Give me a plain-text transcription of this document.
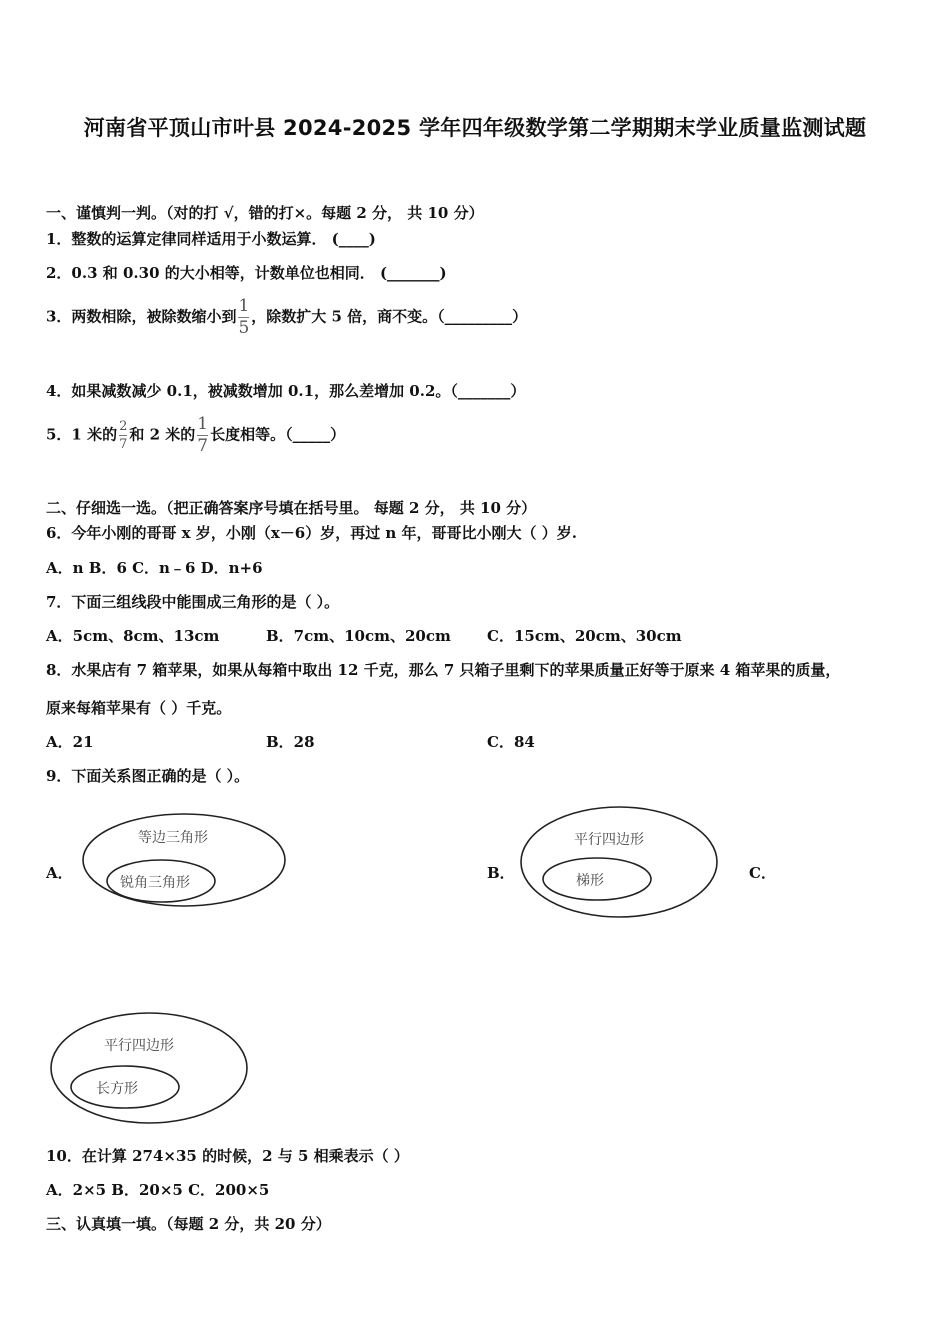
河南省平顶山市叶县 2024-2025 学年四年级数学第二学期期末学业质量监测试题
一、谨慎判一判。（对的打 √，错的打×。每题 2 分， 共 10 分）
1．整数的运算定律同样适用于小数运算． (____)
2．0.3 和 0.30 的大小相等，计数单位也相同． (_______)
3．两数相除，被除数缩小到 $\frac{1}{5}$ ，除数扩大 5 倍，商不变。（_________）
4．如果减数减少 0.1，被减数增加 0.1，那么差增加 0.2。（_______）
5．1 米的 $\frac{2}{7}$ 和 2 米的 $\frac{1}{7}$ 长度相等。（_____）
二、仔细选一选。（把正确答案序号填在括号里。 每题 2 分， 共 10 分）
6．今年小刚的哥哥 x 岁，小刚（x－6）岁，再过 n 年，哥哥比小刚大（ ）岁.
A．n B．6 C．n﹣6 D．n+6
7．下面三组线段中能围成三角形的是（ ）。
A．5cm、8cm、13cm	B．7cm、10cm、20cm C．15cm、20cm、30cm
8．水果店有 7 箱苹果，如果从每箱中取出 12 千克，那么 7 只箱子里剩下的苹果质量正好等于原来 4 箱苹果的质量，
原来每箱苹果有（ ）千克。
A．21	B．28	C．84
9．下面关系图正确的是（ ）。
A．	B．	C．
等边三角形
锐角三角形
平行四边形
梯形
平行四边形
长方形
10．在计算 274×35 的时候，2 与 5 相乘表示（ ）
A．2×5 B．20×5 C．200×5
三、认真填一填。（每题 2 分，共 20 分）
